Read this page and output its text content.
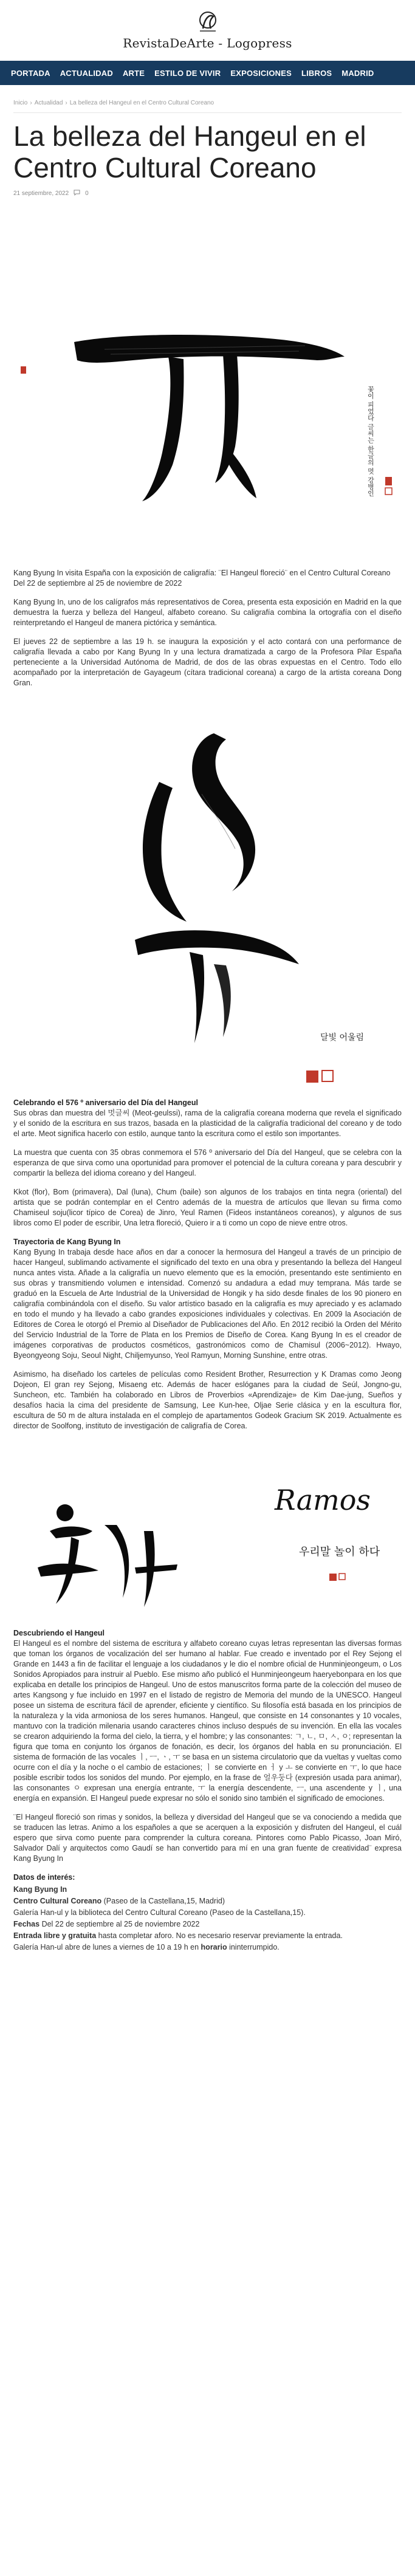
RevistaDeArte - Logopress
PORTADA	ACTUALIDAD	ARTE	ESTILO DE VIVIR	EXPOSICIONES	LIBROS	MADRID
Inicio › Actualidad › La belleza del Hangeul en el Centro Cultural Coreano
La belleza del Hangeul en el Centro Cultural Coreano
21 septiembre, 2022	0
꽃이 피었다 글씨는 한글의 멋 강병인

Kang Byung In visita España con la exposición de caligrafía: ¨El Hangeul floreció¨ en el Centro Cultural Coreano

Del 22 de septiembre al 25 de noviembre de 2022

Kang Byung In, uno de los calígrafos más representativos de Corea, presenta esta exposición en Madrid en la que demuestra la fuerza y belleza del Hangeul, alfabeto coreano. Su caligrafía combina la ortografía con el diseño reinterpretando el Hangeul de manera pictórica y semántica.

El jueves 22 de septiembre a las 19 h. se inaugura la exposición y el acto contará con una performance de caligrafía llevada a cabo por Kang Byung In y una lectura dramatizada a cargo de la Profesora Pilar España perteneciente a la Universidad Autónoma de Madrid, de dos de las obras expuestas en el Centro. Todo ello acompañado por la interpretación de Gayageum (cítara tradicional coreana) a cargo de la artista coreana Dong Gran.

달빛 어울림
Celebrando el 576 º aniversario del Día del Hangeul

Sus obras dan muestra del 멋글씨 (Meot-geulssi), rama de la caligrafía coreana moderna que revela el significado y el sonido de la escritura en sus trazos, basada en la plasticidad de la caligrafía tradicional del coreano y de todo el arte. Meot significa hacerlo con estilo, aunque tanto la escritura como el estilo son importantes.

La muestra que cuenta con 35 obras conmemora el 576 º aniversario del Día del Hangeul, que se celebra con la esperanza de que sirva como una oportunidad para promover el potencial de la cultura coreana y para descubrir y compartir la belleza del idioma coreano y del Hangeul.

Kkot (flor), Bom (primavera), Dal (luna), Chum (baile) son algunos de los trabajos en tinta negra (oriental) del artista que se podrán contemplar en el Centro además de la muestra de artículos que llevan su firma como Chamiseul soju(licor típico de Corea) de Jinro, Yeul Ramen (Fideos instantáneos coreanos), y algunos de sus libros como El poder de escribir, Una letra floreció, Quiero ir a ti como un copo de nieve entre otros.

Trayectoria de Kang Byung In

Kang Byung In trabaja desde hace años en dar a conocer la hermosura del Hangeul a través de un principio de hacer Hangeul, sublimando activamente el significado del texto en una obra y presentando la belleza del Hangeul nunca antes vista. Añade a la caligrafía un nuevo elemento que es la emoción, presentando este sentimiento en sus obras y transmitiendo volumen e intensidad. Comenzó su andadura a edad muy temprana. Más tarde se graduó en la Escuela de Arte Industrial de la Universidad de Hongik y ha sido desde finales de los 90 pionero en caligrafía combinándola con el diseño. Su valor artístico basado en la caligrafía es muy apreciado y es aclamado en todo el mundo y ha llevado a cabo grandes exposiciones individuales y colectivas. En 2009 la Asociación de Editores de Corea le otorgó el Premio al Diseñador de Publicaciones del Año. En 2012 recibió la Orden del Mérito del Servicio Industrial de la Torre de Plata en los Premios de Diseño de Corea. Kang Byung In es el creador de imágenes corporativas de productos cosméticos, gastronómicos como de Chamisul (2006~2012). Hwayo, Byeongyeong Soju, Seoul Night, Chiljemyunso, Yeol Ramyun, Morning Sunshine, entre otras.

Asimismo, ha diseñado los carteles de películas como Resident Brother, Resurrection y K Dramas como Jeong Dojeon, El gran rey Sejong, Misaeng etc. Además de hacer eslóganes para la ciudad de Seúl, Jongno-gu, Suncheon, etc. También ha colaborado en Libros de Proverbios «Aprendizaje» de Kim Dae-jung, Sueños y desafíos hacia la cima del presidente de Samsung, Lee Kun-hee, Oljae Serie clásica y en la escultura flor, escultura de 50 m de altura instalada en el complejo de apartamentos Godeok Gracium SK 2019. Actualmente es director de Soolfong, instituto de investigación de caligrafía de Corea.

Ramos
우리말 놀이 하다
Descubriendo el Hangeul

El Hangeul es el nombre del sistema de escritura y alfabeto coreano cuyas letras representan las diversas formas que toman los órganos de vocalización del ser humano al hablar. Fue creado e inventado por el Rey Sejong el Grande en 1443 a fin de facilitar el lenguaje a los ciudadanos y le dio el nombre oficial de Hunminjeongeum, o Los Sonidos Apropiados para instruir al Pueblo. Ese mismo año publicó el Hunminjeongeum haeryebonpara en los que explicaba en detalle los principios de Hangeul. Uno de estos manuscritos forma parte de la colección del museo de artes Kangsong y fue incluido en 1997 en el listado de registro de Memoria del mundo de la UNESCO. Hangeul posee un sistema de escritura fácil de aprender, eficiente y científico. Su filosofía está basada en los principios de la naturaleza y la vida armoniosa de los seres humanos. Hangeul, que consiste en 14 consonantes y 10 vocales, mantuvo con la tradición milenaria usando caracteres chinos incluso después de su invención. En ella las vocales se crearon adquiriendo la forma del cielo, la tierra, y el hombre; y las consonantes: ㄱ, ㄴ, ㅁ, ㅅ, ㅇ; representan la figura que toma en conjunto los órganos de fonación, es decir, los órganos del habla en su pronunciación. El sistema de formación de las vocales ㅣ, ㅡ, ㆍ, ㅜ se basa en un sistema circulatorio que da vueltas y vueltas como ocurre con el día y la noche o el cambio de estaciones; ㅣ se convierte en ㅓ y ㅗ se convierte en ㅜ, lo que hace posible escribir todos los sonidos del mundo. Por ejemplo, en la frase de 얼우둥다 (expresión usada para animar), las consonantes ㅇ expresan una energía entrante, ㅜ la energía descendente, ㅡ, una ascendente y ㅣ, una energía en expansión. El Hangeul puede expresar no sólo el sonido sino también el significado de emociones.

¨El Hangeul floreció son rimas y sonidos, la belleza y diversidad del Hangeul que se va conociendo a medida que se traducen las letras. Animo a los españoles a que se acerquen a la exposición y disfruten del Hangeul, el cuál espero que sirva como puente para comprender la cultura coreana. Pintores como Pablo Picasso, Joan Miró, Salvador Dalí y arquitectos como Gaudí se han convertido para mí en una gran fuente de creatividad¨ expresa Kang Byung In

Datos de interés:
Kang Byung In
Centro Cultural Coreano (Paseo de la Castellana,15, Madrid)
Galería Han-ul y la biblioteca del Centro Cultural Coreano (Paseo de la Castellana,15).
Fechas Del 22 de septiembre al 25 de noviembre 2022
Entrada libre y gratuita hasta completar aforo. No es necesario reservar previamente la entrada.
Galería Han-ul abre de lunes a viernes de 10 a 19 h en horario ininterrumpido.
